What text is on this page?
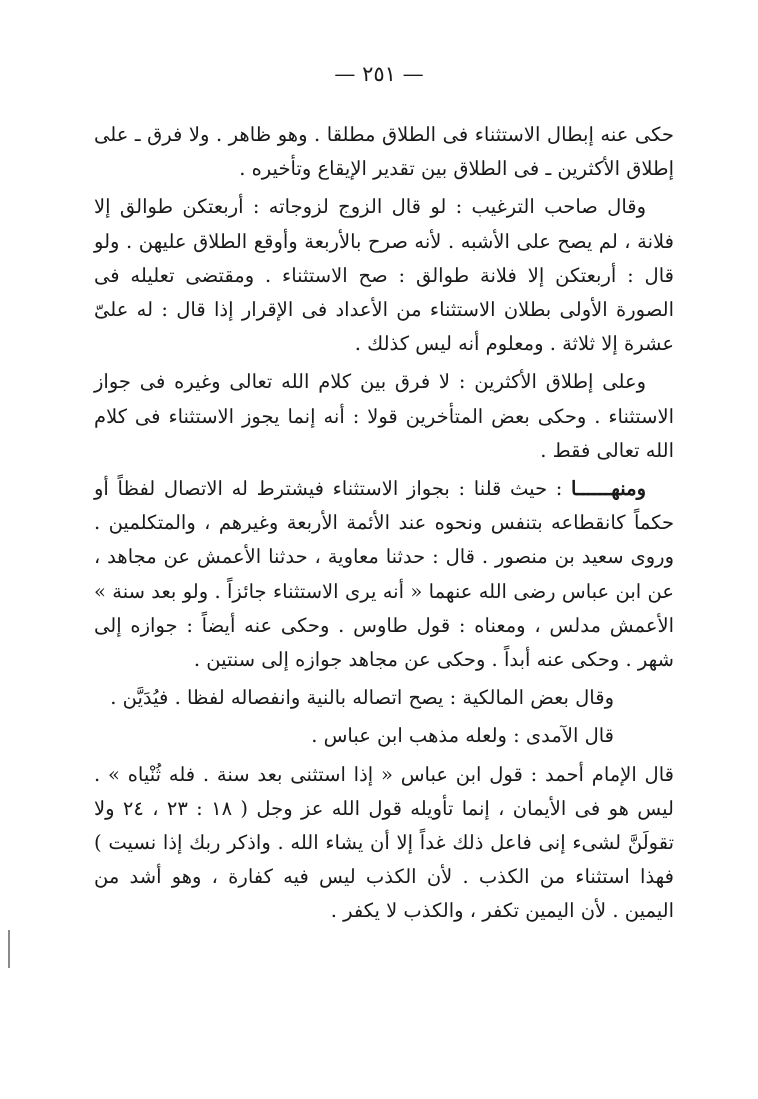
— ٢٥١ —

حكى عنه إبطال الاستثناء فى الطلاق مطلقا . وهو ظاهر . ولا فرق ـ على إطلاق الأكثرين ـ فى الطلاق بين تقدير الإيقاع وتأخيره .

وقال صاحب الترغيب : لو قال الزوج لزوجاته : أربعتكن طوالق إلا فلانة ، لم يصح على الأشبه . لأنه صرح بالأربعة وأوقع الطلاق عليهن . ولو قال : أربعتكن إلا فلانة طوالق : صح الاستثناء . ومقتضى تعليله فى الصورة الأولى بطلان الاستثناء من الأعداد فى الإقرار إذا قال : له علىّ عشرة إلا ثلاثة . ومعلوم أنه ليس كذلك .

وعلى إطلاق الأكثرين : لا فرق بين كلام الله تعالى وغيره فى جواز الاستثناء . وحكى بعض المتأخرين قولا : أنه إنما يجوز الاستثناء فى كلام الله تعالى فقط .

ومنهــــــا : حيث قلنا : بجواز الاستثناء فيشترط له الاتصال لفظاً أو حكماً كانقطاعه بتنفس ونحوه عند الأئمة الأربعة وغيرهم ، والمتكلمين . وروى سعيد بن منصور . قال : حدثنا معاوية ، حدثنا الأعمش عن مجاهد ، عن ابن عباس رضى الله عنهما « أنه يرى الاستثناء جائزاً . ولو بعد سنة » الأعمش مدلس ، ومعناه : قول طاوس . وحكى عنه أيضاً : جوازه إلى شهر . وحكى عنه أبداً . وحكى عن مجاهد جوازه إلى سنتين .

وقال بعض المالكية : يصح اتصاله بالنية وانفصاله لفظا . فيُدَيَّن .

قال الآمدى : ولعله مذهب ابن عباس .

قال الإمام أحمد : قول ابن عباس « إذا استثنى بعد سنة . فله ثُنْياه » . ليس هو فى الأيمان ، إنما تأويله قول الله عز وجل ( ١٨ : ٢٣ ، ٢٤ ولا تقولَنَّ لشىء إنى فاعل ذلك غداً إلا أن يشاء الله . واذكر ربك إذا نسيت ) فهذا استثناء من الكذب . لأن الكذب ليس فيه كفارة ، وهو أشد من اليمين . لأن اليمين تكفر ، والكذب لا يكفر .
